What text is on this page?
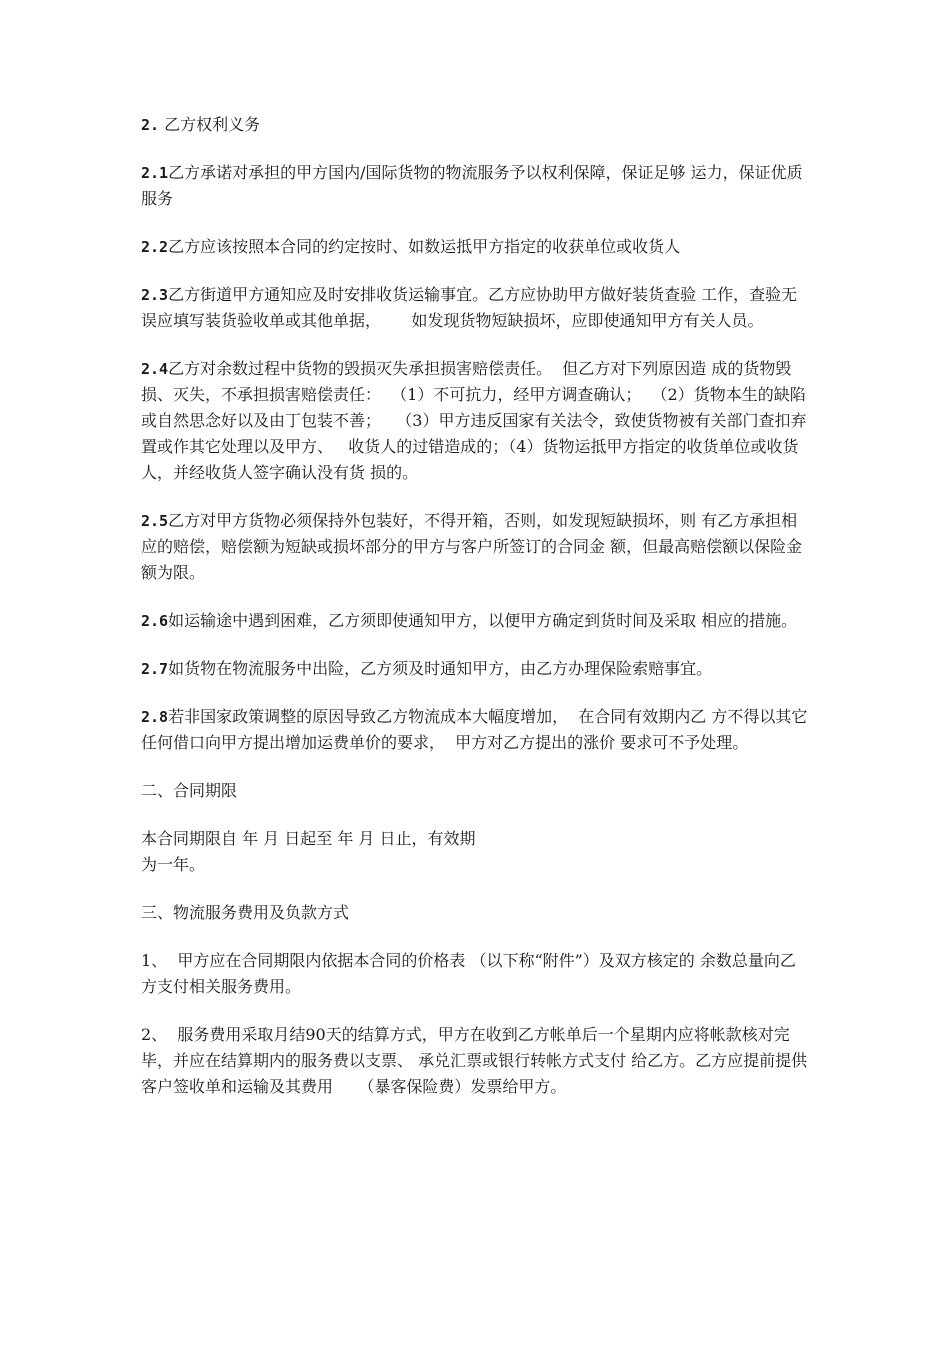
2. 乙方权利义务

2.1乙方承诺对承担的甲方国内/国际货物的物流服务予以权利保障，保证足够 运力，保证优质服务

2.2乙方应该按照本合同的约定按时、如数运抵甲方指定的收获单位或收货人

2.3乙方街道甲方通知应及时安排收货运输事宜。乙方应协助甲方做好装货查验 工作，查验无误应填写装货验收单或其他单据，      如发现货物短缺损坏，应即使通知甲方有关人员。

2.4乙方对余数过程中货物的毁损灭失承担损害赔偿责任。  但乙方对下列原因造 成的货物毁损、灭失，不承担损害赔偿责任：  （1）不可抗力，经甲方调查确认；  （2）货物本生的缺陷或自然思念好以及由丁包装不善；   （3）甲方违反国家有关法令，致使货物被有关部门查扣弃置或作其它处理以及甲方、   收货人的过错造成的；（4）货物运抵甲方指定的收货单位或收货人，并经收货人签字确认没有货 损的。

2.5乙方对甲方货物必须保持外包装好，不得开箱，否则，如发现短缺损坏，则 有乙方承担相应的赔偿，赔偿额为短缺或损坏部分的甲方与客户所签订的合同金 额，但最高赔偿额以保险金额为限。

2.6如运输途中遇到困难，乙方须即使通知甲方，以便甲方确定到货时间及采取 相应的措施。

2.7如货物在物流服务中出险，乙方须及时通知甲方，由乙方办理保险索赔事宜。

2.8若非国家政策调整的原因导致乙方物流成本大幅度增加，  在合同有效期内乙 方不得以其它任何借口向甲方提出增加运费单价的要求，  甲方对乙方提出的涨价 要求可不予处理。

二、合同期限

本合同期限自 年 月 日起至 年 月 日止，有效期
为一年。

三、物流服务费用及负款方式

1、  甲方应在合同期限内依据本合同的价格表 （以下称“附件”）及双方核定的 余数总量向乙方支付相关服务费用。

2、  服务费用采取月结90天的结算方式，甲方在收到乙方帐单后一个星期内应将帐款核对完毕，并应在结算期内的服务费以支票、 承兑汇票或银行转帐方式支付 给乙方。乙方应提前提供客户签收单和运输及其费用     （暴客保险费）发票给甲方。
